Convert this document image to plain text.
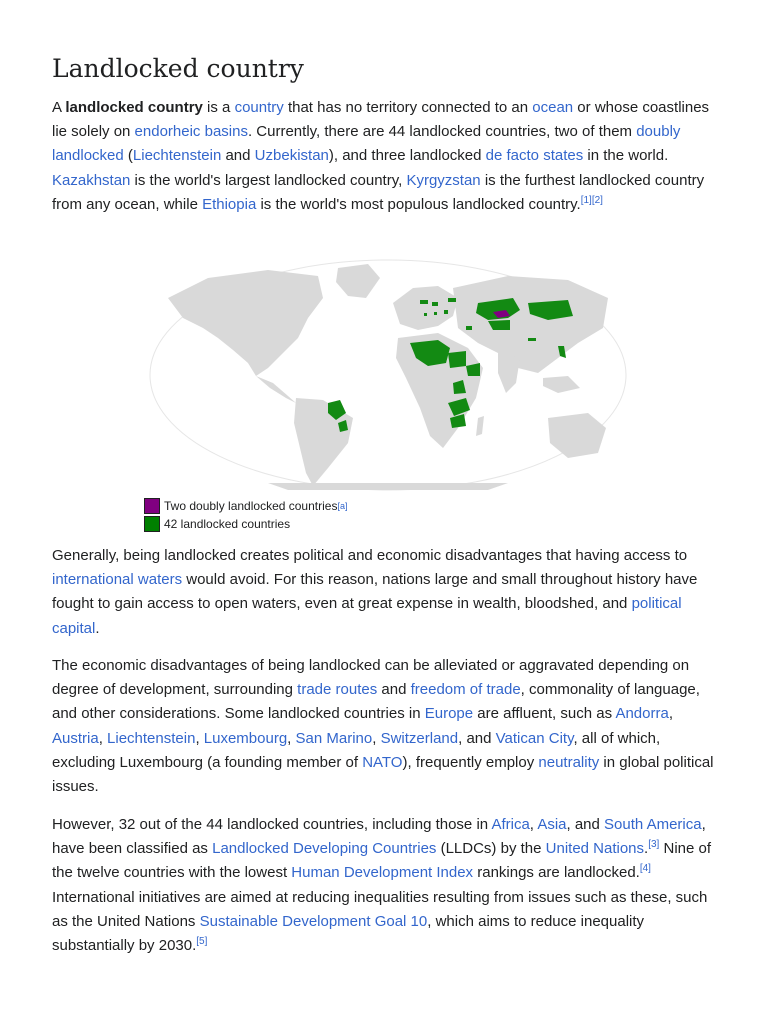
Landlocked country

A landlocked country is a country that has no territory connected to an ocean or whose coastlines lie solely on endorheic basins. Currently, there are 44 landlocked countries, two of them doubly landlocked (Liechtenstein and Uzbekistan), and three landlocked de facto states in the world. Kazakhstan is the world's largest landlocked country, Kyrgyzstan is the furthest landlocked country from any ocean, while Ethiopia is the world's most populous landlocked country.[1][2]

Generally, being landlocked creates political and economic disadvantages that having access to international waters would avoid. For this reason, nations large and small throughout history have fought to gain access to open waters, even at great expense in wealth, bloodshed, and political capital.

The economic disadvantages of being landlocked can be alleviated or aggravated depending on degree of development, surrounding trade routes and freedom of trade, commonality of language, and other considerations. Some landlocked countries in Europe are affluent, such as Andorra, Austria, Liechtenstein, Luxembourg, San Marino, Switzerland, and Vatican City, all of which, excluding Luxembourg (a founding member of NATO), frequently employ neutrality in global political issues.

However, 32 out of the 44 landlocked countries, including those in Africa, Asia, and South America, have been classified as Landlocked Developing Countries (LLDCs) by the United Nations.[3] Nine of the twelve countries with the lowest Human Development Index rankings are landlocked.[4] International initiatives are aimed at reducing inequalities resulting from issues such as these, such as the United Nations Sustainable Development Goal 10, which aims to reduce inequality substantially by 2030.[5]

Two doubly landlocked countries [a]
42 landlocked countries
